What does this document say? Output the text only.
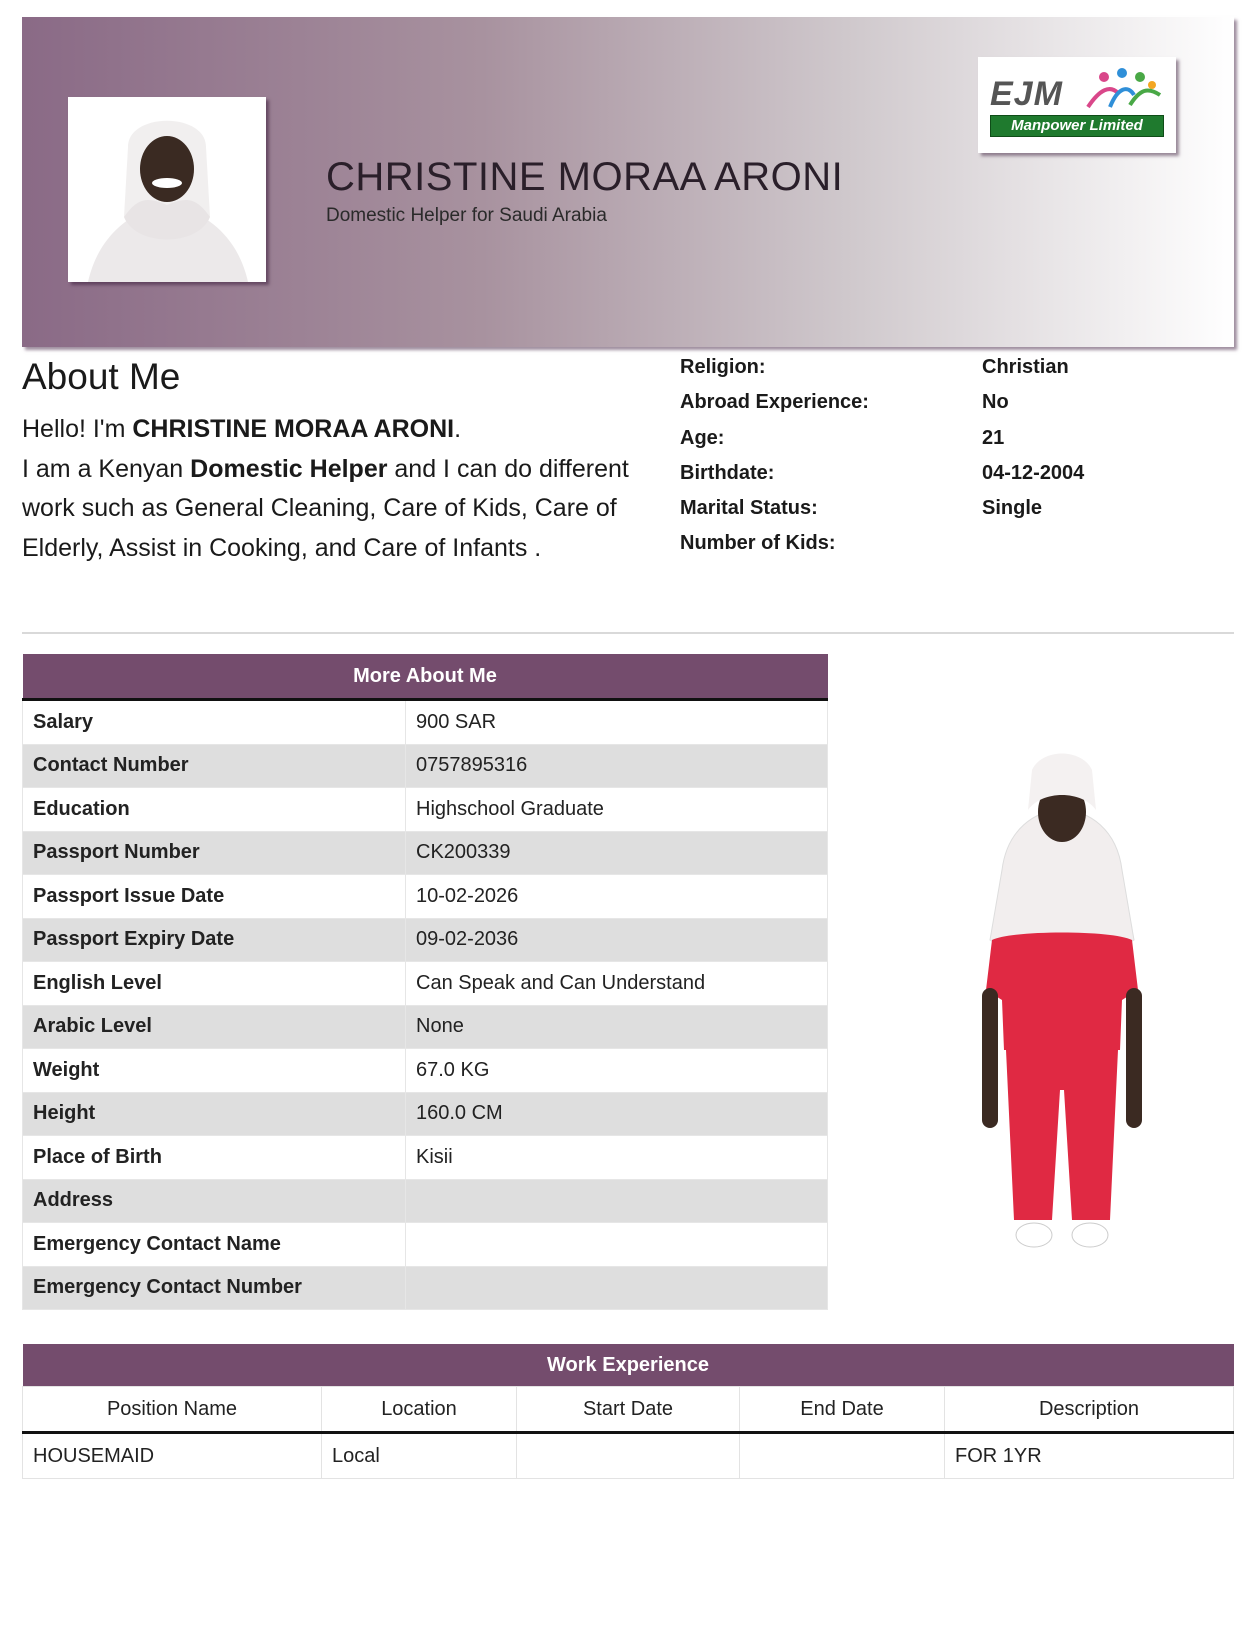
CHRISTINE MORAA ARONI
Domestic Helper for Saudi Arabia
EJM
Manpower Limited
About Me
Hello! I'm CHRISTINE MORAA ARONI.
I am a Kenyan Domestic Helper and I can do different work such as General Cleaning, Care of Kids, Care of Elderly, Assist in Cooking, and Care of Infants .
Religion:	Christian
Abroad Experience:	No
Age:	21
Birthdate:	04-12-2004
Marital Status:	Single
Number of Kids:
More About Me	
Salary	900 SAR
Contact Number	0757895316
Education	Highschool Graduate
Passport Number	CK200339
Passport Issue Date	10-02-2026
Passport Expiry Date	09-02-2036
English Level	Can Speak and Can Understand
Arabic Level	None
Weight	67.0 KG
Height	160.0 CM
Place of Birth	Kisii
Address	
Emergency Contact Name	
Emergency Contact Number	
Work Experience				
Position Name	Location	Start Date	End Date	Description
HOUSEMAID	Local			FOR 1YR
